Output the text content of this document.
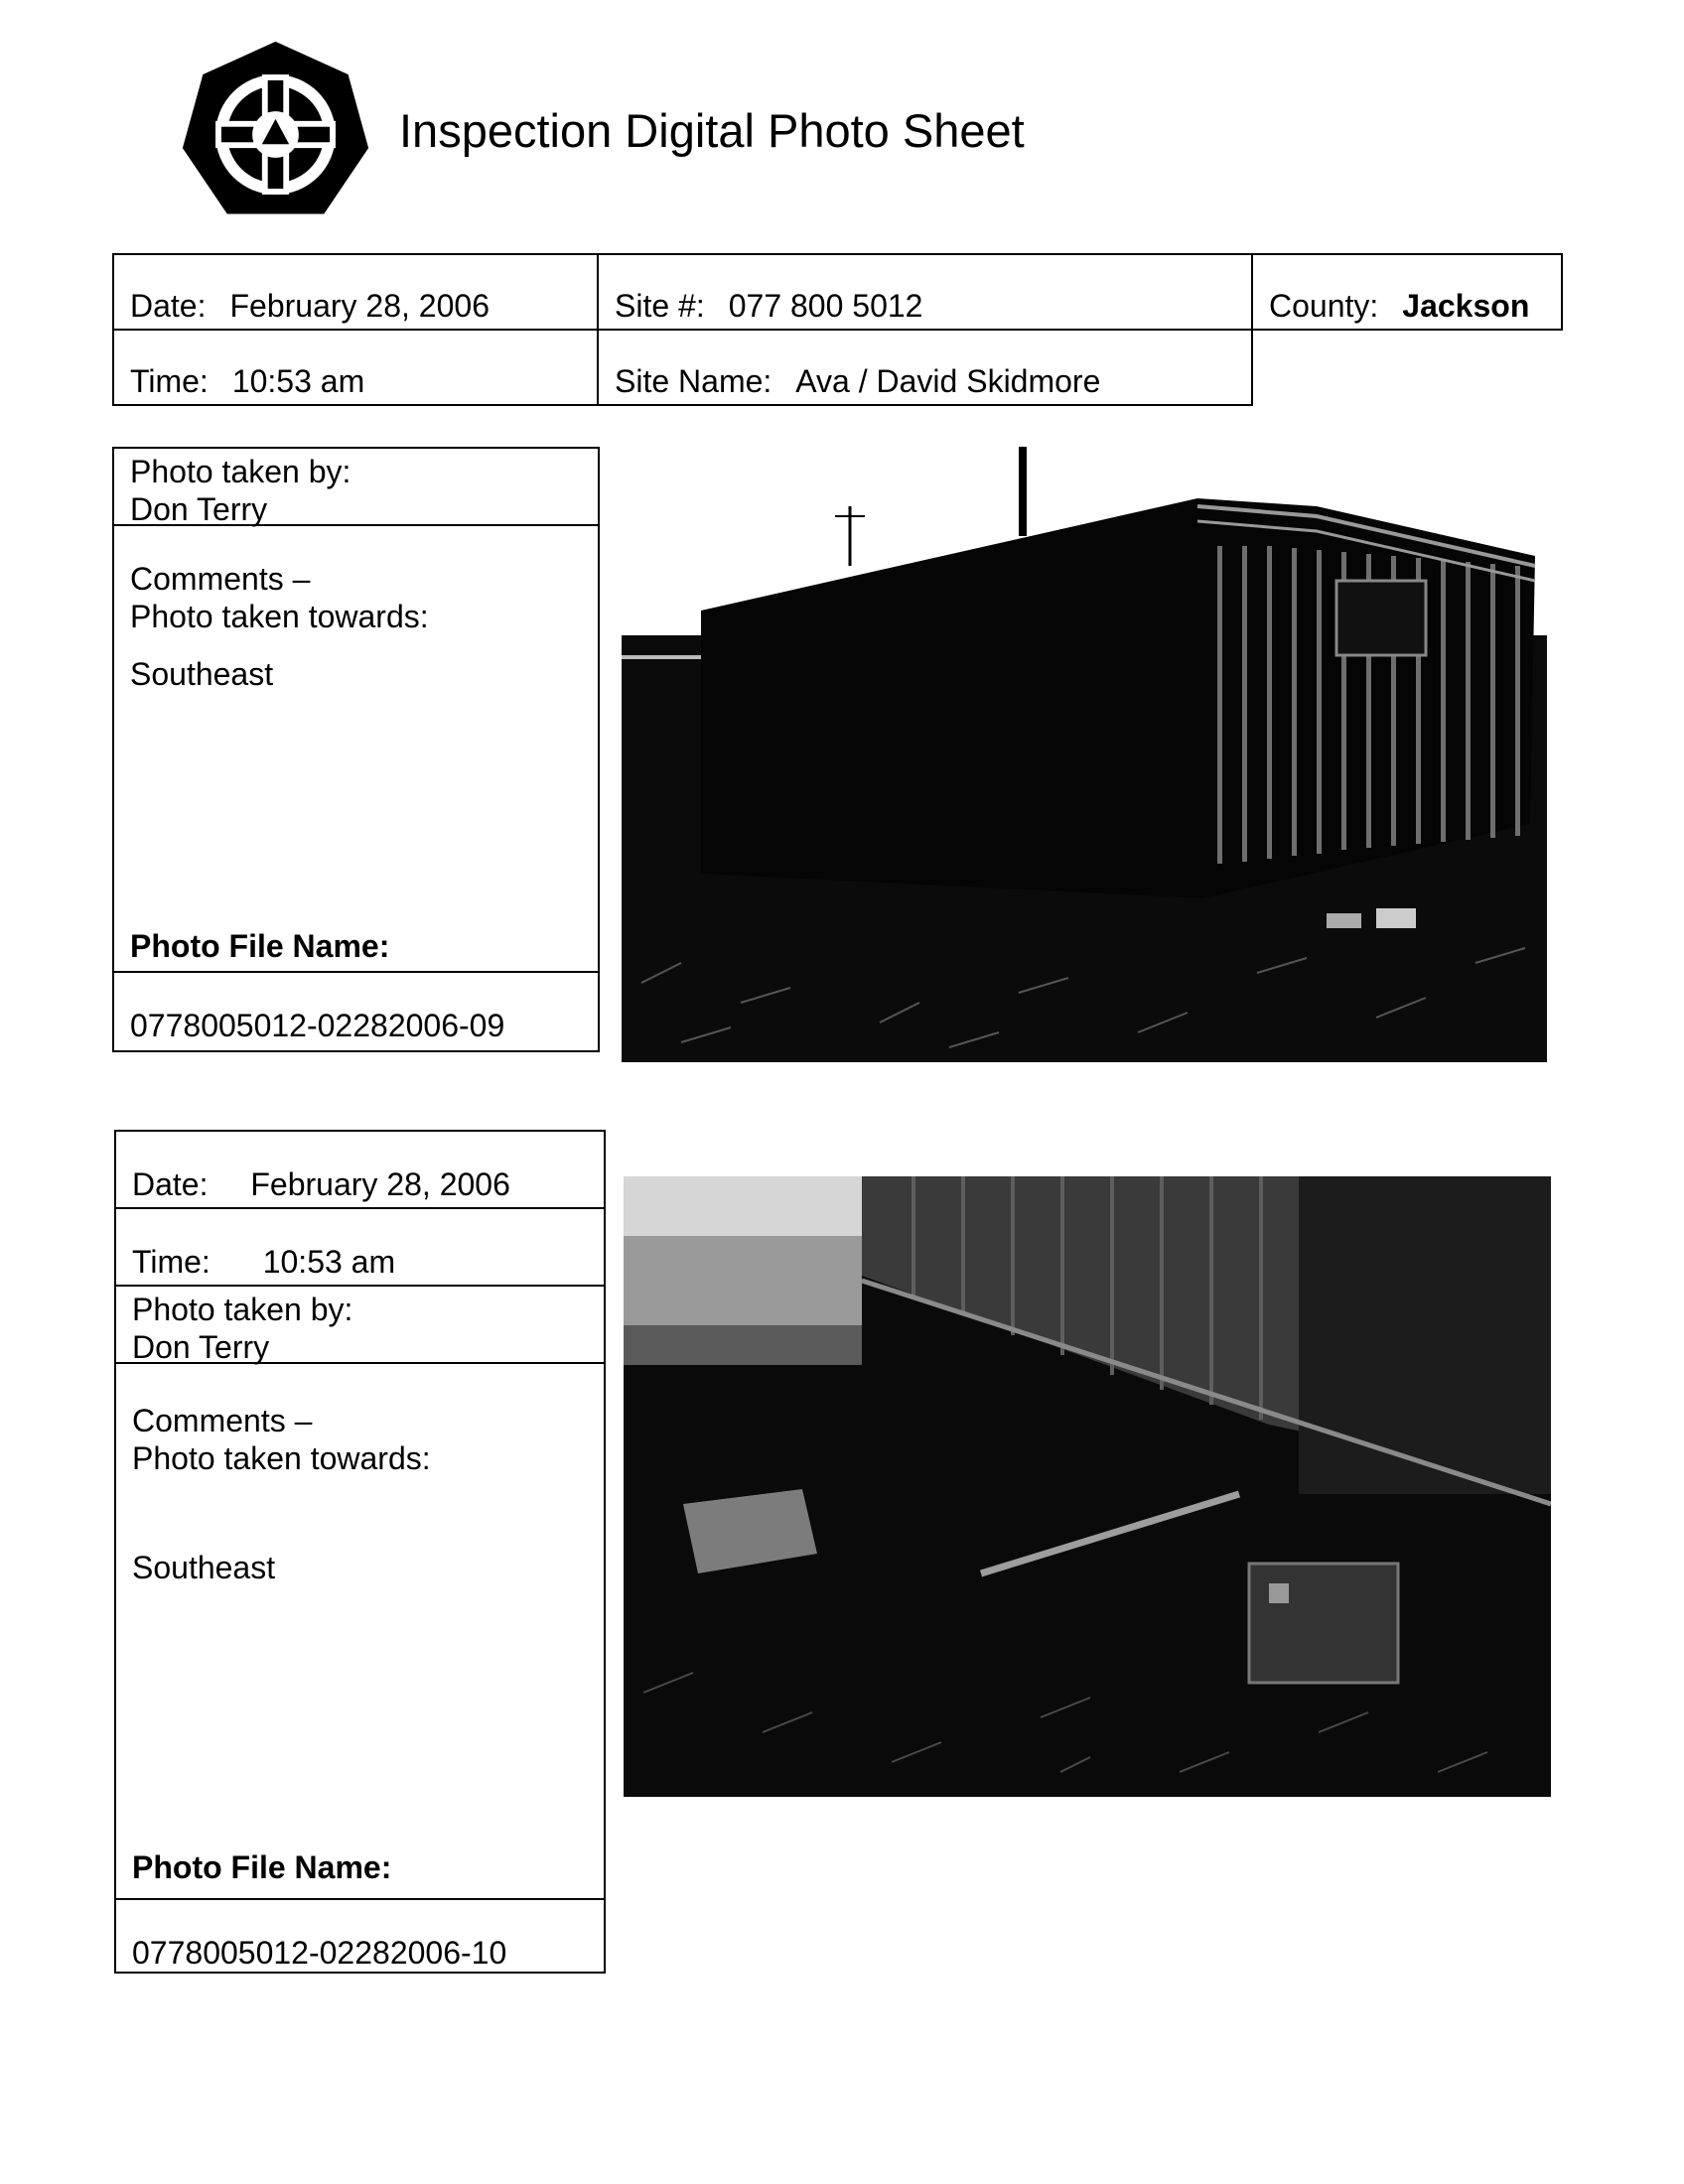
Inspection Digital Photo Sheet
Date: February 28, 2006	Site #: 077 800 5012	County: Jackson
Time: 10:53 am	Site Name: Ava / David Skidmore
Photo taken by:
Don Terry
Comments –
Photo taken towards:
Southeast
Photo File Name:
0778005012-02282006-09
Date: February 28, 2006
Time: 10:53 am
Photo taken by:
Don Terry
Comments –
Photo taken towards:
Southeast
Photo File Name:
0778005012-02282006-10
